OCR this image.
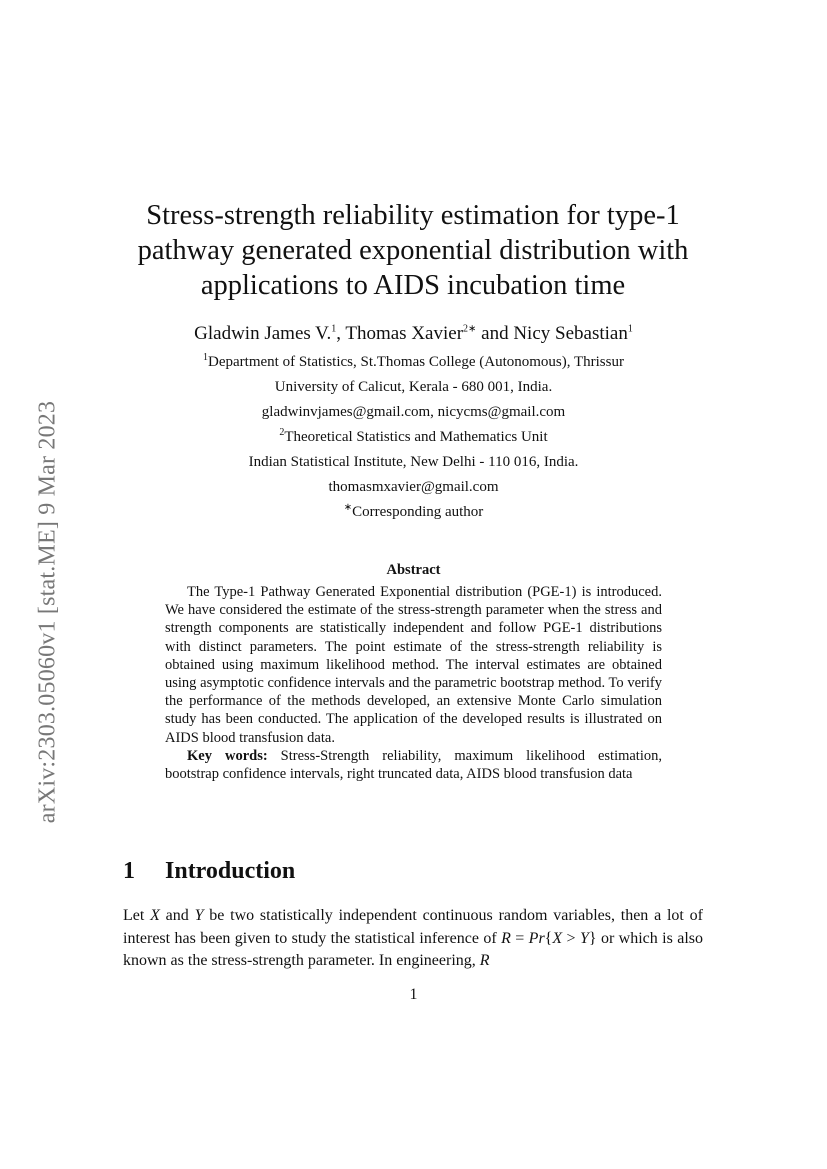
arXiv:2303.05060v1 [stat.ME] 9 Mar 2023
Stress-strength reliability estimation for type-1
pathway generated exponential distribution with
applications to AIDS incubation time
Gladwin James V.$^1$, Thomas Xavier$^{2∗}$ and Nicy Sebastian$^1$
$^1$Department of Statistics, St.Thomas College (Autonomous), Thrissur
University of Calicut, Kerala - 680 001, India.
gladwinvjames@gmail.com, nicycms@gmail.com
$^2$Theoretical Statistics and Mathematics Unit
Indian Statistical Institute, New Delhi - 110 016, India.
thomasmxavier@gmail.com
∗Corresponding author
Abstract

The Type-1 Pathway Generated Exponential distribution (PGE-1) is introduced. We have considered the estimate of the stress-strength parameter when the stress and strength components are statistically independent and follow PGE-1 distributions with distinct parameters. The point estimate of the stress-strength reliability is obtained using maximum likelihood method. The interval estimates are obtained using asymptotic confidence intervals and the parametric bootstrap method. To verify the performance of the methods developed, an extensive Monte Carlo simulation study has been conducted. The application of the developed results is illustrated on AIDS blood transfusion data.

Key words: Stress-Strength reliability, maximum likelihood estimation, bootstrap confidence intervals, right truncated data, AIDS blood transfusion data

1 Introduction

Let X and Y be two statistically independent continuous random variables, then a lot of interest has been given to study the statistical inference of R = Pr{X > Y} or which is also known as the stress-strength parameter. In engineering, R

1
